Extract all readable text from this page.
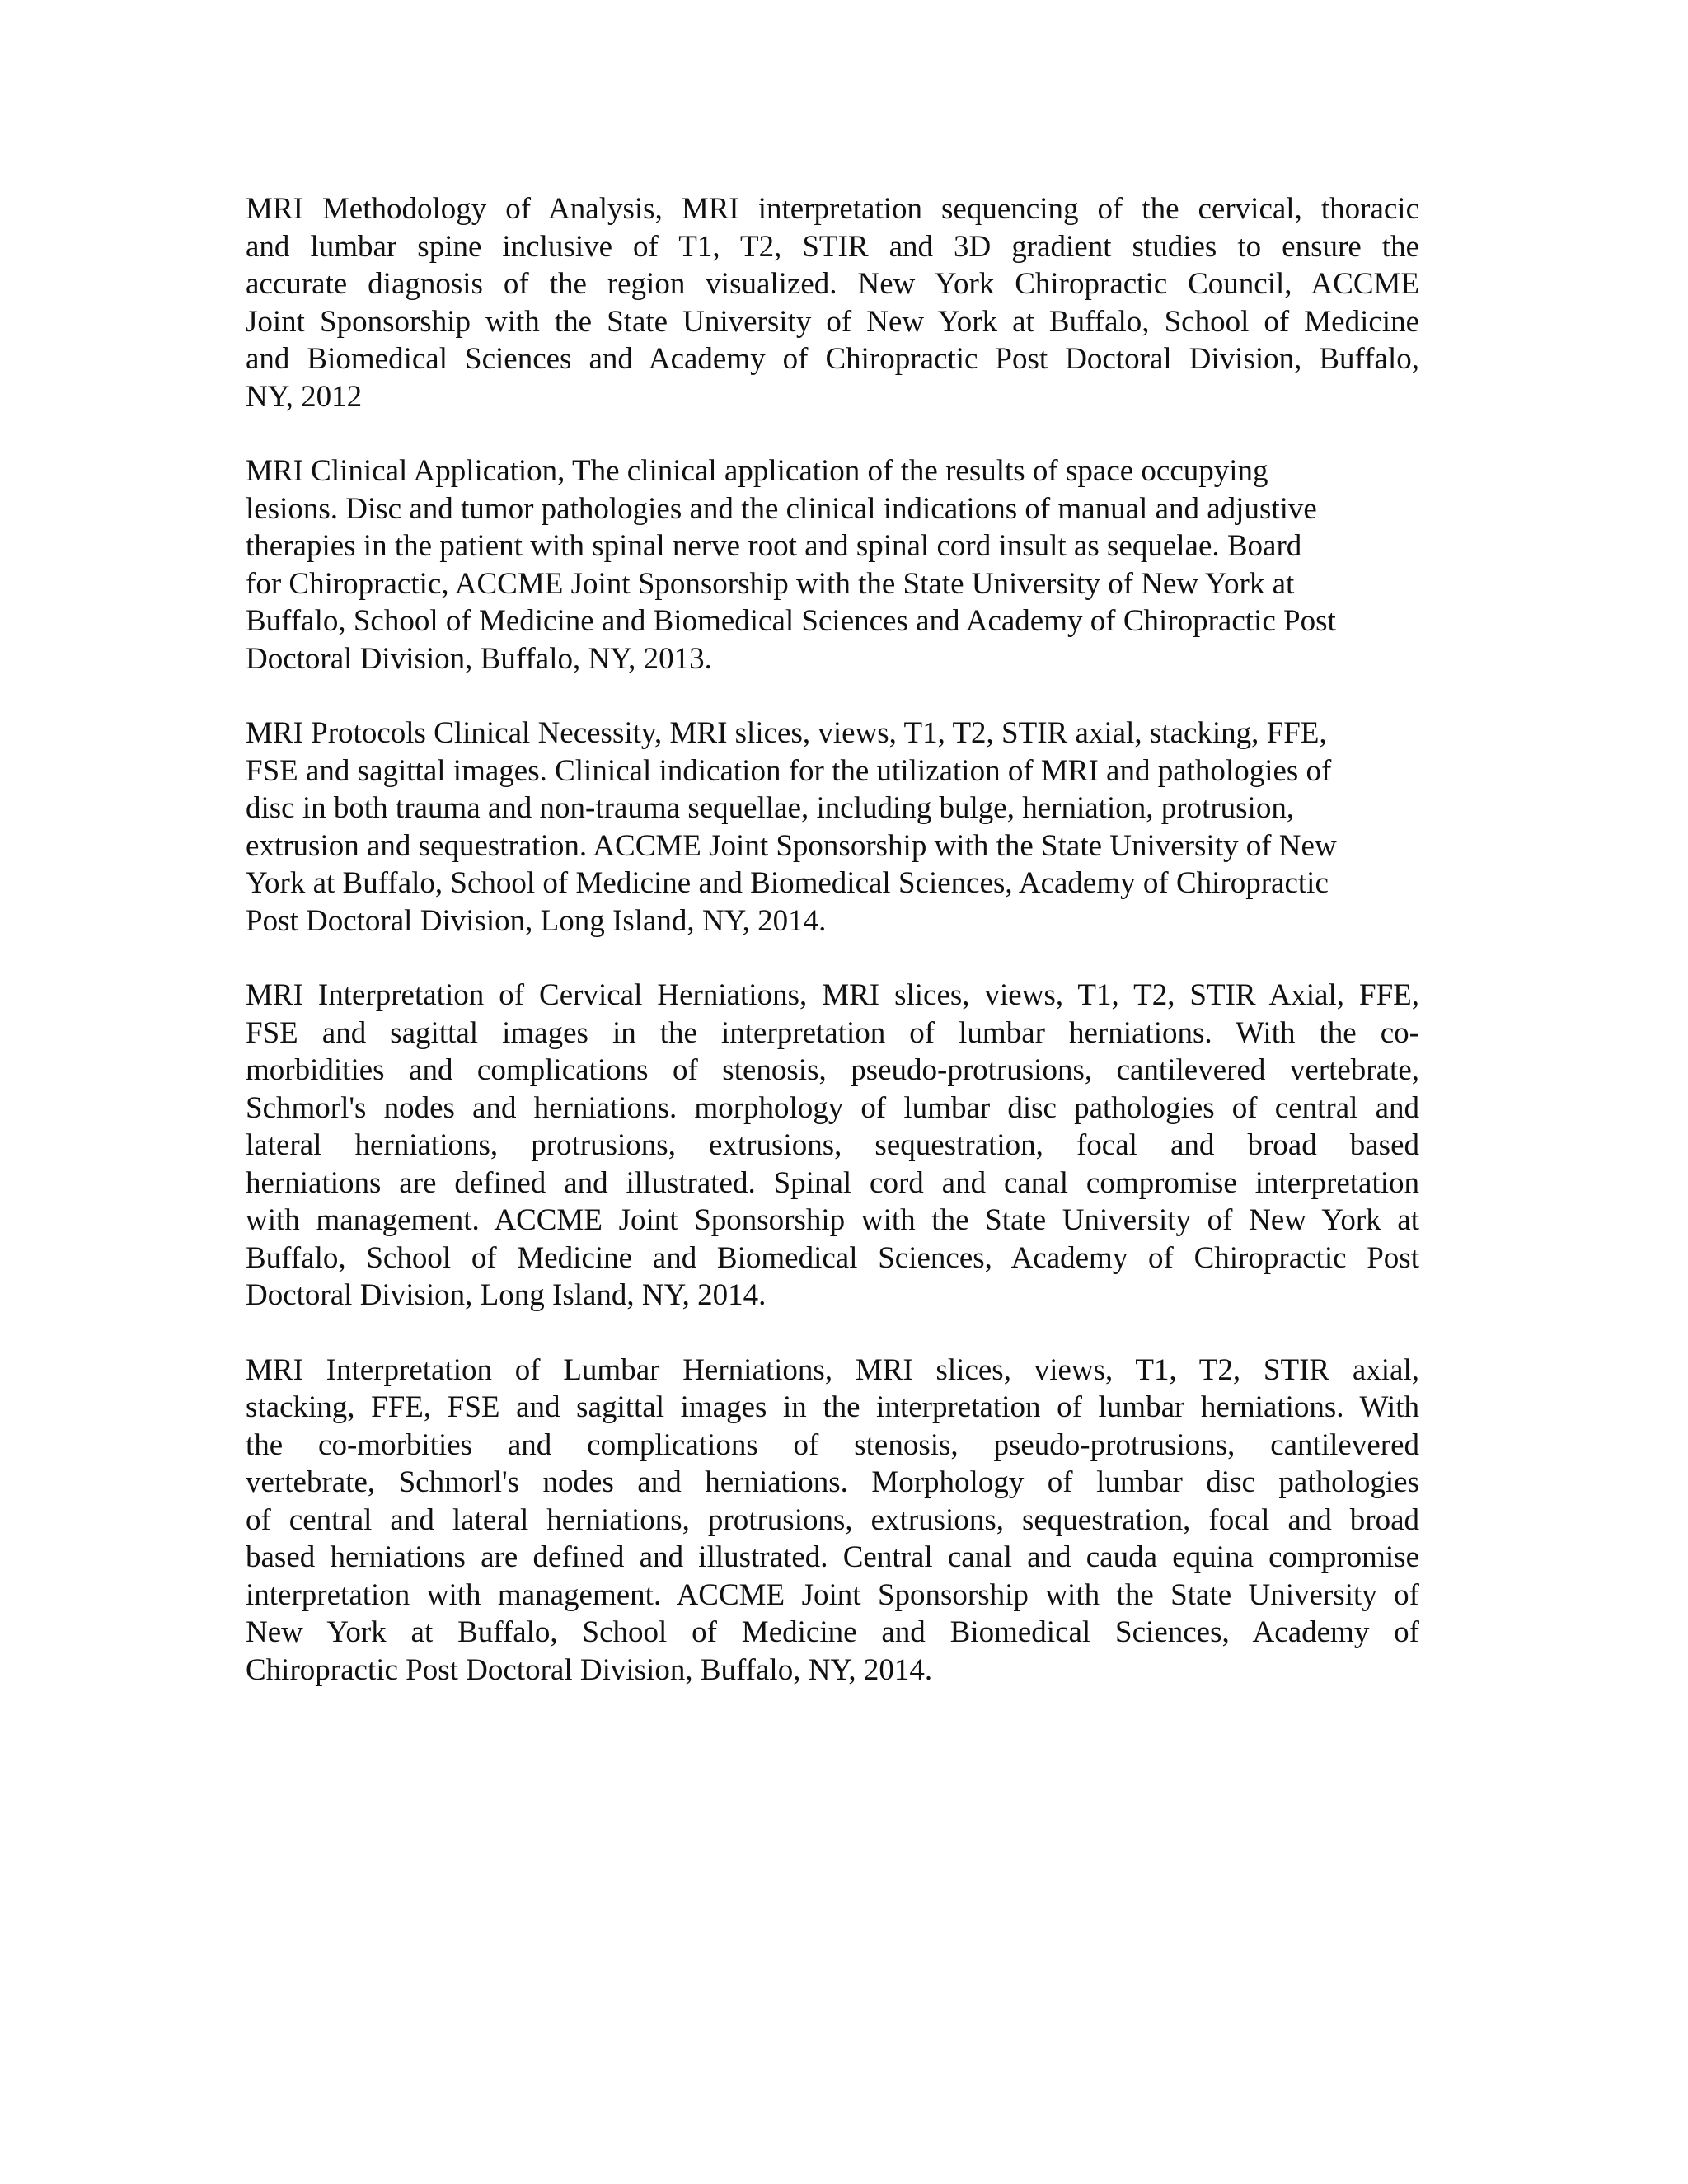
MRI Methodology of Analysis, MRI interpretation sequencing of the cervical, thoracic
and lumbar spine inclusive of T1, T2, STIR and 3D gradient studies to ensure the
accurate diagnosis of the region visualized. New York Chiropractic Council, ACCME
Joint Sponsorship with the State University of New York at Buffalo, School of Medicine
and Biomedical Sciences and Academy of Chiropractic Post Doctoral Division, Buffalo,
NY, 2012
MRI Clinical Application, The clinical application of the results of space occupying
lesions. Disc and tumor pathologies and the clinical indications of manual and adjustive
therapies in the patient with spinal nerve root and spinal cord insult as sequelae. Board
for Chiropractic, ACCME Joint Sponsorship with the State University of New York at
Buffalo, School of Medicine and Biomedical Sciences and Academy of Chiropractic Post
Doctoral Division, Buffalo, NY, 2013.
MRI Protocols Clinical Necessity, MRI slices, views, T1, T2, STIR axial, stacking, FFE,
FSE and sagittal images. Clinical indication for the utilization of MRI and pathologies of
disc in both trauma and non-trauma sequellae, including bulge, herniation, protrusion,
extrusion and sequestration. ACCME Joint Sponsorship with the State University of New
York at Buffalo, School of Medicine and Biomedical Sciences, Academy of Chiropractic
Post Doctoral Division, Long Island, NY, 2014.
MRI Interpretation of Cervical Herniations, MRI slices, views, T1, T2, STIR Axial, FFE,
FSE and sagittal images in the interpretation of lumbar herniations. With the co-
morbidities and complications of stenosis, pseudo-protrusions, cantilevered vertebrate,
Schmorl's nodes and herniations. morphology of lumbar disc pathologies of central and
lateral herniations, protrusions, extrusions, sequestration, focal and broad based
herniations are defined and illustrated. Spinal cord and canal compromise interpretation
with management. ACCME Joint Sponsorship with the State University of New York at
Buffalo, School of Medicine and Biomedical Sciences, Academy of Chiropractic Post
Doctoral Division, Long Island, NY, 2014.
MRI Interpretation of Lumbar Herniations, MRI slices, views, T1, T2, STIR axial,
stacking, FFE, FSE and sagittal images in the interpretation of lumbar herniations. With
the co-morbities and complications of stenosis, pseudo-protrusions, cantilevered
vertebrate, Schmorl's nodes and herniations. Morphology of lumbar disc pathologies
of central and lateral herniations, protrusions, extrusions, sequestration, focal and broad
based herniations are defined and illustrated. Central canal and cauda equina compromise
interpretation with management. ACCME Joint Sponsorship with the State University of
New York at Buffalo, School of Medicine and Biomedical Sciences, Academy of
Chiropractic Post Doctoral Division, Buffalo, NY, 2014.
